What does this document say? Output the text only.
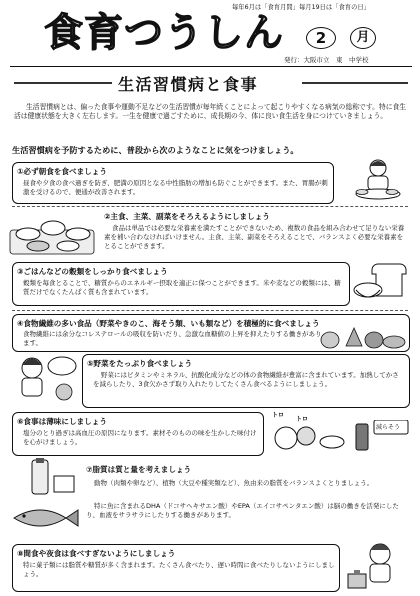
毎年6月は「食育月間」毎月19日は「食育の日」
食育つうしん	2	月
発行：大阪市立　東　中学校
生活習慣病と食事
生活習慣病とは、偏った食事や運動不足などの生活習慣が毎年続くことによって起こりやすくなる病気の総称です。特に食生活は健康状態を大きく左右します。一生を健康で過ごすために、成長期の今、体に良い食生活を身につけていきましょう。
生活習慣病を予防するために、普段から次のようなことに気をつけましょう。
①必ず朝食を食べましょう
昼食や夕食の食べ過ぎを防ぎ、肥満の原因となる中性脂肪の増加も防ぐことができます。また、胃腸が刺激を受けるので、便通が改善されます。
②主食、主菜、副菜をそろえるようにしましょう
食品は単品では必要な栄養素を満たすことができないため、複数の食品を組み合わせて足りない栄養素を補い合わなければいけません。主食、主菜、副菜をそろえることで、バランスよく必要な栄養素をとることができます。
③ごはんなどの穀類をしっかり食べましょう
穀類を毎食とることで、糖質からのエネルギー摂取を適正に保つことができます。米や麦などの穀類には、糖質だけでなくたんぱく質も含まれています。
④食物繊維の多い食品（野菜やきのこ、海そう類、いも類など）を積極的に食べましょう
食物繊維には余分なコレステロールの吸収を防いだり、急激な血糖値の上昇を抑えたりする働きがあります。
⑤野菜をたっぷり食べましょう
野菜にはビタミンやミネラル、抗酸化成分などの体の食物繊維が豊富に含まれています。加熱してかさを減らしたり、3食欠かさず取り入れたりしてたくさん食べるようにしましょう。
⑥食事は薄味にしましょう
塩分のとり過ぎは高血圧の原因になります。素材そのものの味を生かした味付けを心がけましょう。
トロ
トロ
減らそう
⑦脂質は質と量を考えましょう
動物（肉類や卵など）、植物（大豆や種実類など）、魚由来の脂質をバランスよくとりましょう。
特に魚に含まれるDHA（ドコサヘキサエン酸）やEPA（エイコサペンタエン酸）は脳の働きを活発にしたり、血液をサラサラにしたりする働きがあります。
⑧間食や夜食は食べすぎないようにしましょう
特に菓子類には脂質や糖質が多く含まれます。たくさん食べたり、遅い時間に食べたりしないようにしましょう。
